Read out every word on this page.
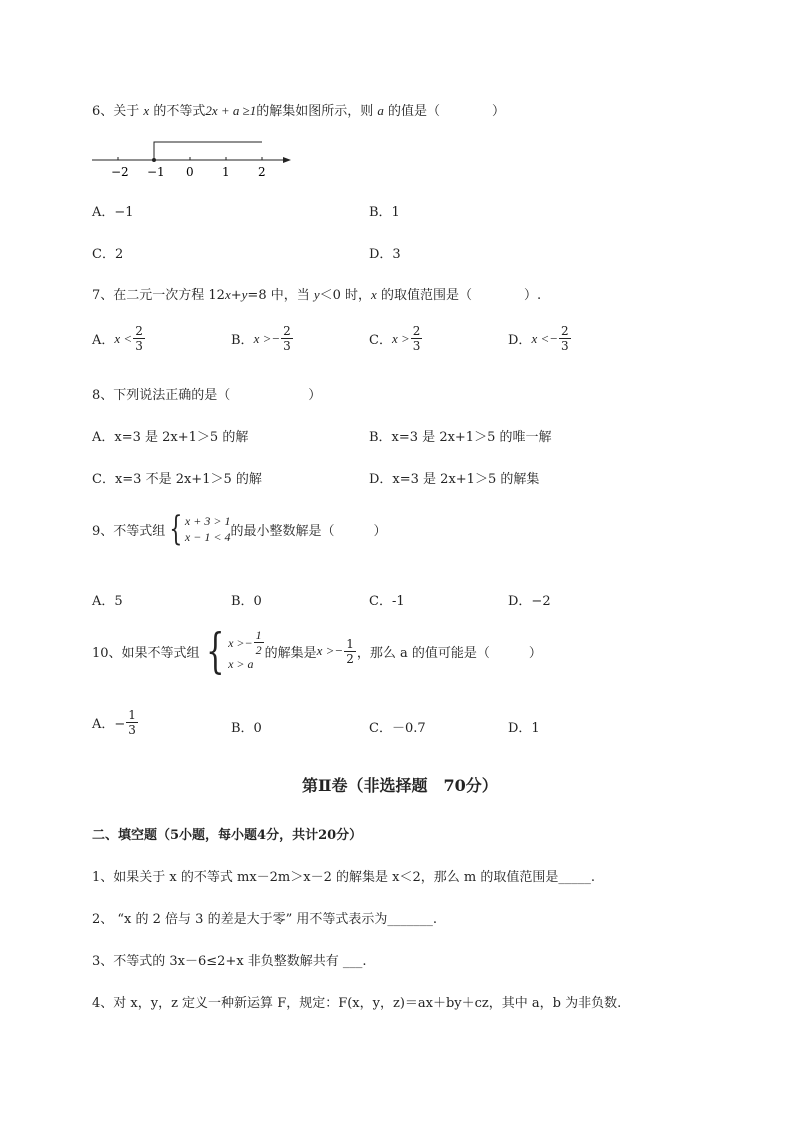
6、关于 x 的不等式2x + a ≥1的解集如图所示，则 a 的值是（　　　　）
−2 −1 0 1 2
A．−1	B．1
C．2	D．3
7、在二元一次方程 12x+y=8 中，当 y＜0 时，x 的取值范围是（　　　　）.
A． $x < \frac{2}{3}$	B． $x >- \frac{2}{3}$	C． $x > \frac{2}{3}$	D． $x <- \frac{2}{3}$
8、下列说法正确的是（　　　　　　）
A．x=3 是 2x+1＞5 的解	B．x=3 是 2x+1＞5 的唯一解
C．x=3 不是 2x+1＞5 的解	D．x=3 是 2x+1＞5 的解集
9、不等式组 { x + 3 > 1
x − 1 < 4 的最小整数解是（　　　）
A．5	B．0	C．-1	D．−2
10、如果不等式组 { $x >- \frac{1}{2}$
x > a
的解集是 $x >- \frac{1}{2}$ ，那么 a 的值可能是（　　　）
A．− $\frac{1}{3}$	B．0	C．－0.7	D．1
第Ⅱ卷（非选择题　70分）
二、填空题（5小题，每小题4分，共计20分）
1、如果关于 x 的不等式 mx－2m＞x－2 的解集是 x＜2，那么 m 的取值范围是_____.
2、 “x 的 2 倍与 3 的差是大于零” 用不等式表示为_______.
3、不等式的 3x－6≤2+x 非负整数解共有 ___.
4、对 x，y，z 定义一种新运算 F，规定：F(x，y，z)＝ax＋by＋cz，其中 a，b 为非负数.
